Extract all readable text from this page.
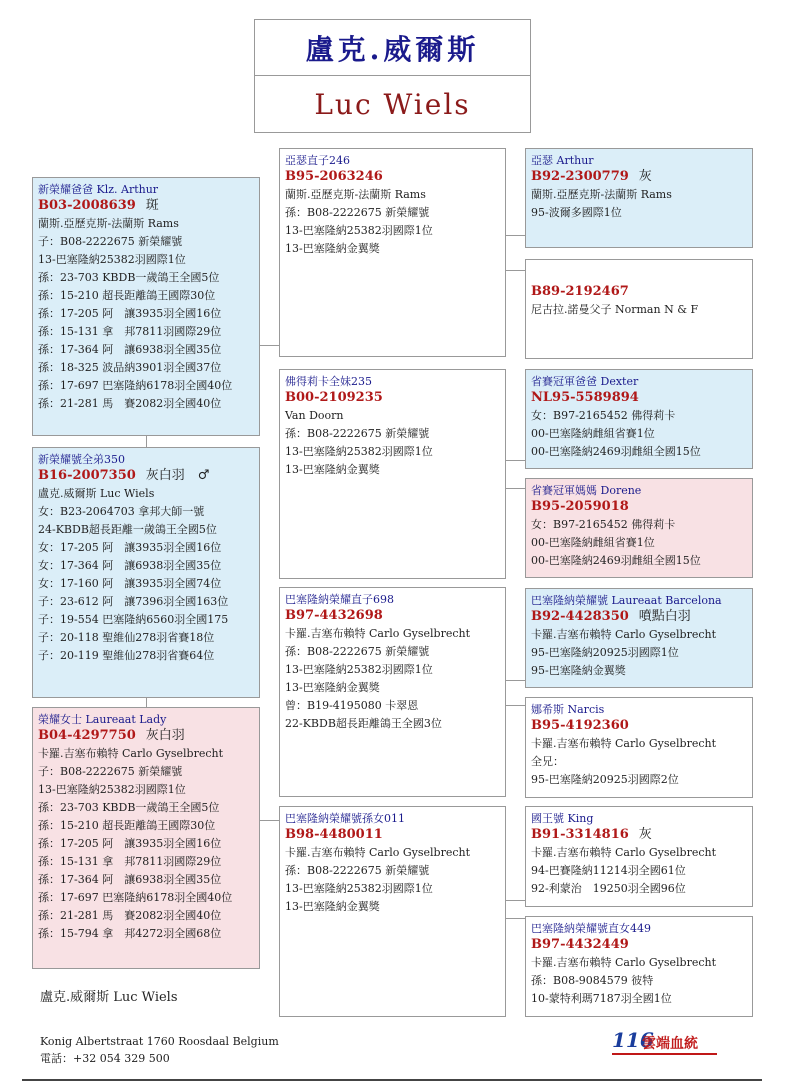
盧克.威爾斯
Luc Wiels
新榮耀爸爸 Klz. Arthur
B03-2008639 斑
蘭斯.亞歷克斯-法蘭斯 Rams
子：B08-2222675 新榮耀號
13-巴塞隆納25382羽國際1位
孫：23-703 KBDB一歲鴿王全國5位
孫：15-210 超長距離鴿王國際30位
孫：17-205 阿　讓3935羽全國16位
孫：15-131 拿　邦7811羽國際29位
孫：17-364 阿　讓6938羽全國35位
孫：18-325 波品納3901羽全國37位
孫：17-697 巴塞隆納6178羽全國40位
孫：21-281 馬　賽2082羽全國40位
新榮耀號全弟350
B16-2007350 灰白羽　♂
盧克.威爾斯 Luc Wiels
女：B23-2064703 拿邦大師一號
24-KBDB超長距離一歲鴿王全國5位
女：17-205 阿　讓3935羽全國16位
女：17-364 阿　讓6938羽全國35位
女：17-160 阿　讓3935羽全國74位
子：23-612 阿　讓7396羽全國163位
子：19-554 巴塞隆納6560羽全國175
子：20-118 聖維仙278羽省賽18位
子：20-119 聖維仙278羽省賽64位
榮耀女士 Laureaat Lady
B04-4297750 灰白羽
卡羅.吉塞布賴特 Carlo Gyselbrecht
子：B08-2222675 新榮耀號
13-巴塞隆納25382羽國際1位
孫：23-703 KBDB一歲鴿王全國5位
孫：15-210 超長距離鴿王國際30位
孫：17-205 阿　讓3935羽全國16位
孫：15-131 拿　邦7811羽國際29位
孫：17-364 阿　讓6938羽全國35位
孫：17-697 巴塞隆納6178羽全國40位
孫：21-281 馬　賽2082羽全國40位
孫：15-794 拿　邦4272羽全國68位
亞瑟直子246
B95-2063246
蘭斯.亞歷克斯-法蘭斯 Rams
孫：B08-2222675 新榮耀號
13-巴塞隆納25382羽國際1位
13-巴塞隆納金翼獎
佛得莉卡全妹235
B00-2109235
Van Doorn
孫：B08-2222675 新榮耀號
13-巴塞隆納25382羽國際1位
13-巴塞隆納金翼獎
巴塞隆納榮耀直子698
B97-4432698
卡羅.吉塞布賴特 Carlo Gyselbrecht
孫：B08-2222675 新榮耀號
13-巴塞隆納25382羽國際1位
13-巴塞隆納金翼獎
曾：B19-4195080 卡翠恩
22-KBDB超長距離鴿王全國3位
巴塞隆納榮耀號孫女011
B98-4480011
卡羅.吉塞布賴特 Carlo Gyselbrecht
孫：B08-2222675 新榮耀號
13-巴塞隆納25382羽國際1位
13-巴塞隆納金翼獎
亞瑟 Arthur
B92-2300779 灰
蘭斯.亞歷克斯-法蘭斯 Rams
95-波爾多國際1位
B89-2192467
尼古拉.諾曼父子 Norman N & F
省賽冠軍爸爸 Dexter
NL95-5589894
女：B97-2165452 佛得莉卡
00-巴塞隆納雌組省賽1位
00-巴塞隆納2469羽雌組全國15位
省賽冠軍媽媽 Dorene
B95-2059018
女：B97-2165452 佛得莉卡
00-巴塞隆納雌組省賽1位
00-巴塞隆納2469羽雌組全國15位
巴塞隆納榮耀號 Laureaat Barcelona
B92-4428350 噴點白羽
卡羅.吉塞布賴特 Carlo Gyselbrecht
95-巴塞隆納20925羽國際1位
95-巴塞隆納金翼獎
娜希斯 Narcis
B95-4192360
卡羅.吉塞布賴特 Carlo Gyselbrecht
全兄：
95-巴塞隆納20925羽國際2位
國王號 King
B91-3314816 灰
卡羅.吉塞布賴特 Carlo Gyselbrecht
94-巴賽隆納11214羽全國61位
92-利蒙治　19250羽全國96位
巴塞隆納榮耀號直女449
B97-4432449
卡羅.吉塞布賴特 Carlo Gyselbrecht
孫：B08-9084579 彼特
10-蒙特利瑪7187羽全國1位
盧克.威爾斯 Luc Wiels
Konig Albertstraat 1760 Roosdaal Belgium
電話：+32 054 329 500
116
雲端血統
